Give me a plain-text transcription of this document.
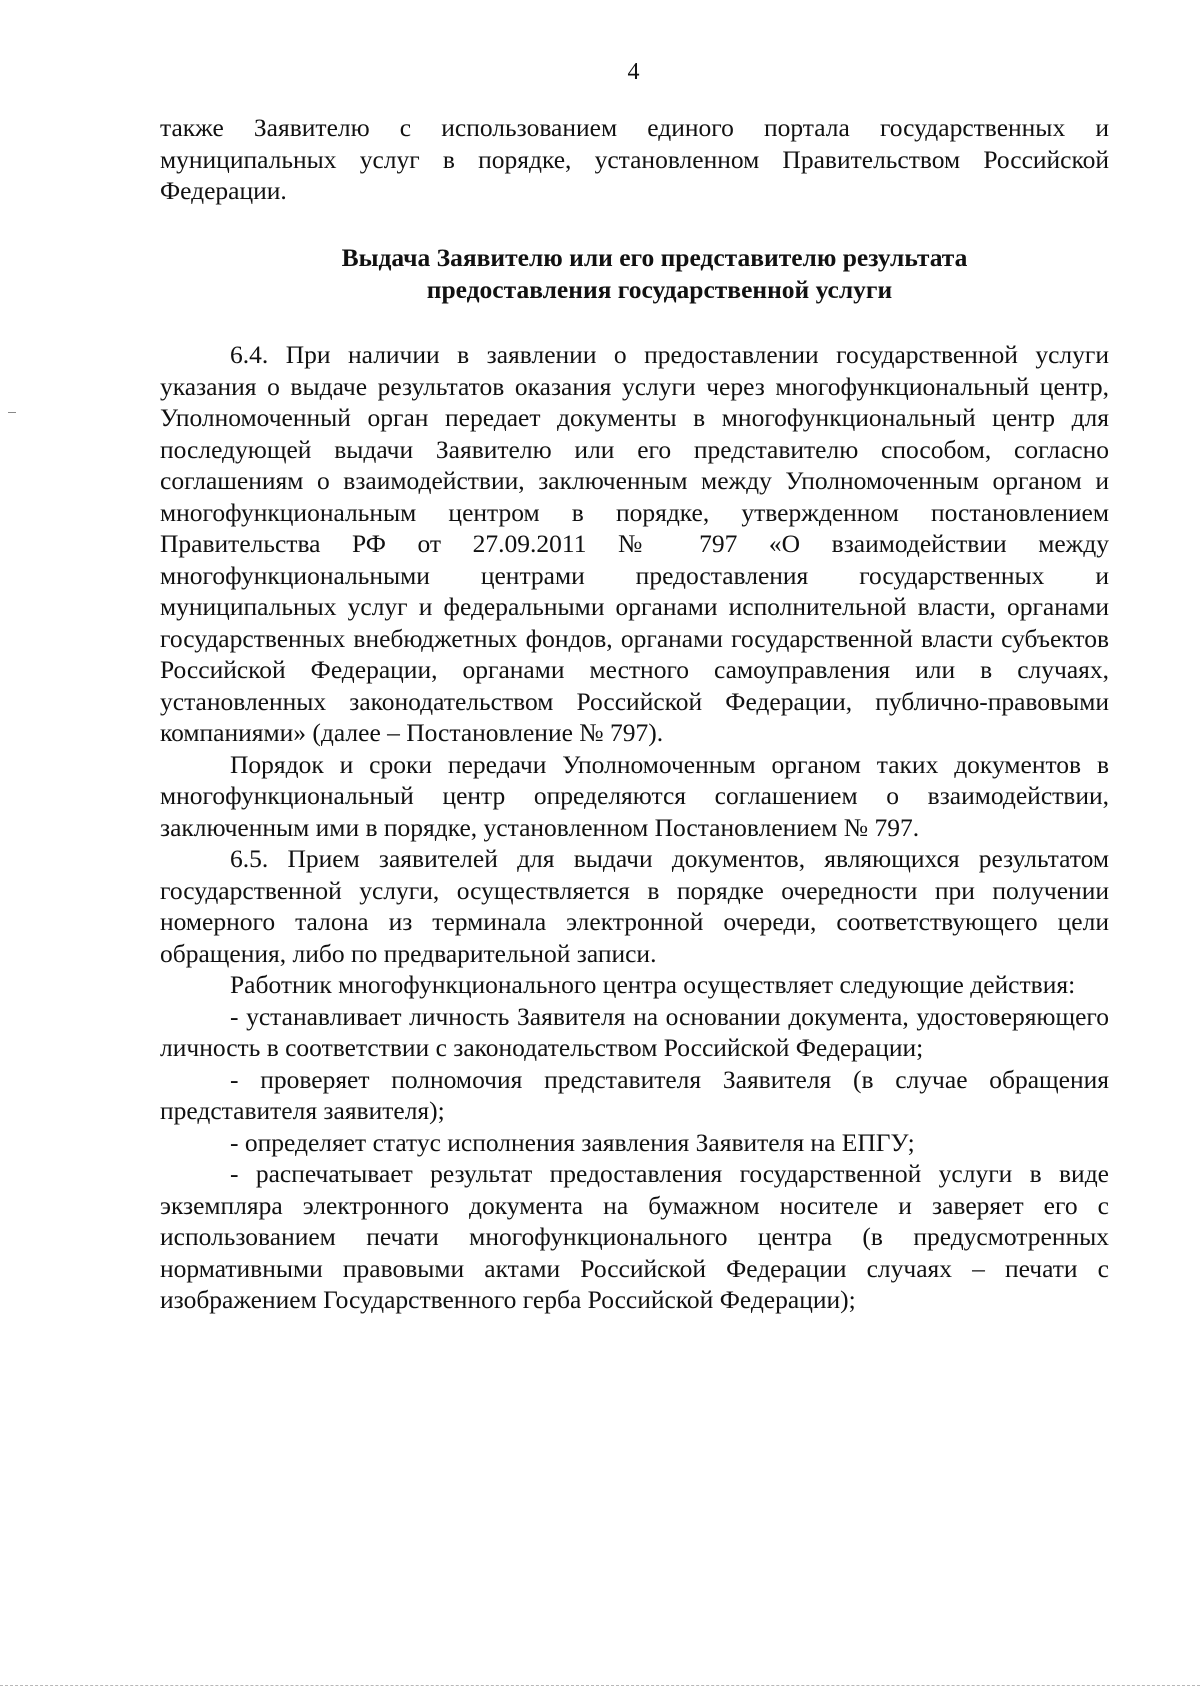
4

также Заявителю с использованием единого портала государственных и муниципальных услуг в порядке, установленном Правительством Российской Федерации.

Выдача Заявителю или его представителю результата
предоставления государственной услуги

6.4. При наличии в заявлении о предоставлении государственной услуги указания о выдаче результатов оказания услуги через многофункциональный центр, Уполномоченный орган передает документы в многофункциональный центр для последующей выдачи Заявителю или его представителю способом, согласно соглашениям о взаимодействии, заключенным между Уполномоченным органом и многофункциональным центром в порядке, утвержденном постановлением Правительства РФ от 27.09.2011 № 797 «О взаимодействии между многофункциональными центрами предоставления государственных и муниципальных услуг и федеральными органами исполнительной власти, органами государственных внебюджетных фондов, органами государственной власти субъектов Российской Федерации, органами местного самоуправления или в случаях, установленных законодательством Российской Федерации, публично-правовыми компаниями» (далее – Постановление № 797).

Порядок и сроки передачи Уполномоченным органом таких документов в многофункциональный центр определяются соглашением о взаимодействии, заключенным ими в порядке, установленном Постановлением № 797.

6.5. Прием заявителей для выдачи документов, являющихся результатом государственной услуги, осуществляется в порядке очередности при получении номерного талона из терминала электронной очереди, соответствующего цели обращения, либо по предварительной записи.

Работник многофункционального центра осуществляет следующие действия:

- устанавливает личность Заявителя на основании документа, удостоверяющего личность в соответствии с законодательством Российской Федерации;

- проверяет полномочия представителя Заявителя (в случае обращения представителя заявителя);

- определяет статус исполнения заявления Заявителя на ЕПГУ;

- распечатывает результат предоставления государственной услуги в виде экземпляра электронного документа на бумажном носителе и заверяет его с использованием печати многофункционального центра (в предусмотренных нормативными правовыми актами Российской Федерации случаях – печати с изображением Государственного герба Российской Федерации);
